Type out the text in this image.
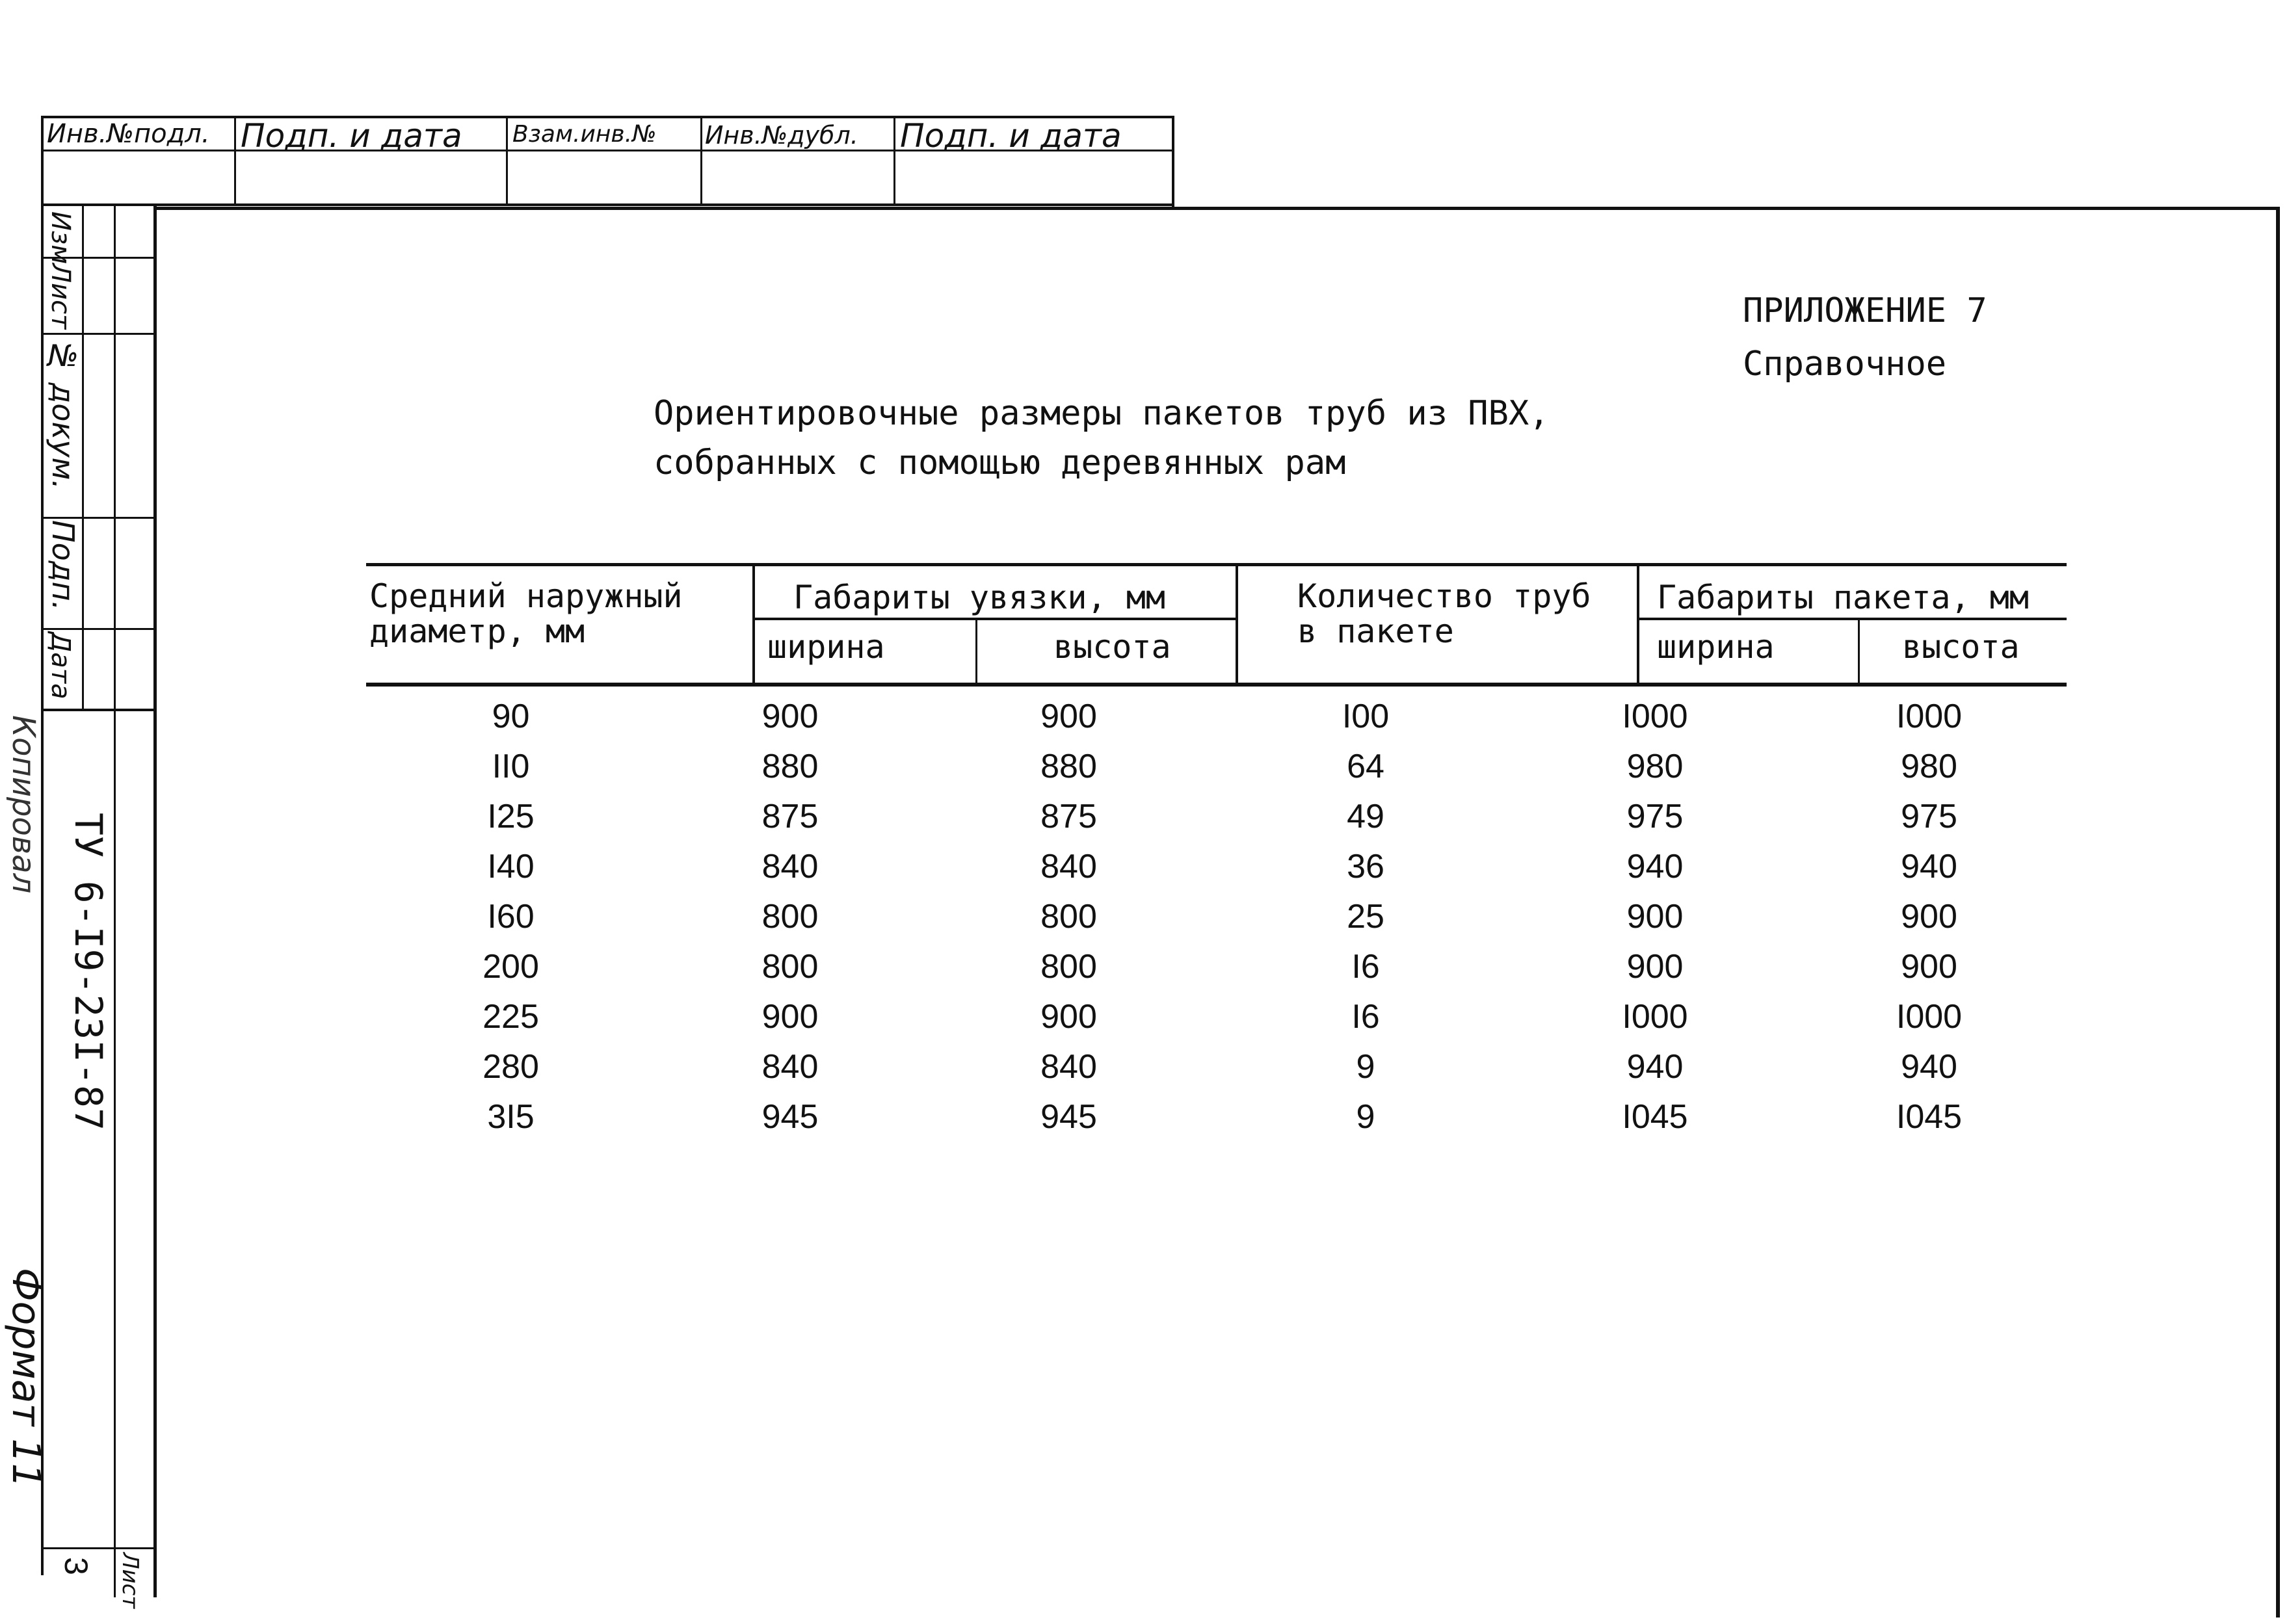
Инв.№подл. Подп. и дата Взам.инв.№ Инв.№дубл. Подп. и дата
Изм
Лист
№ докум.
Подп.
Дата
ТУ 6-I9-23I-87
3 Лист
Копировал
Формат 11
ПРИЛОЖЕНИЕ 7
Справочное
Ориентировочные размеры пакетов труб из ПВХ,
собранных с помощью деревянных рам
Средний наружный
диаметр, мм
Габариты увязки, мм
ширина	высота
Количество труб
в пакете
Габариты пакета, мм
ширина	высота
90	900	900	I00	I000	I000
II0	880	880	64	980	980
I25	875	875	49	975	975
I40	840	840	36	940	940
I60	800	800	25	900	900
200	800	800	I6	900	900
225	900	900	I6	I000	I000
280	840	840	9	940	940
3I5	945	945	9	I045	I045
